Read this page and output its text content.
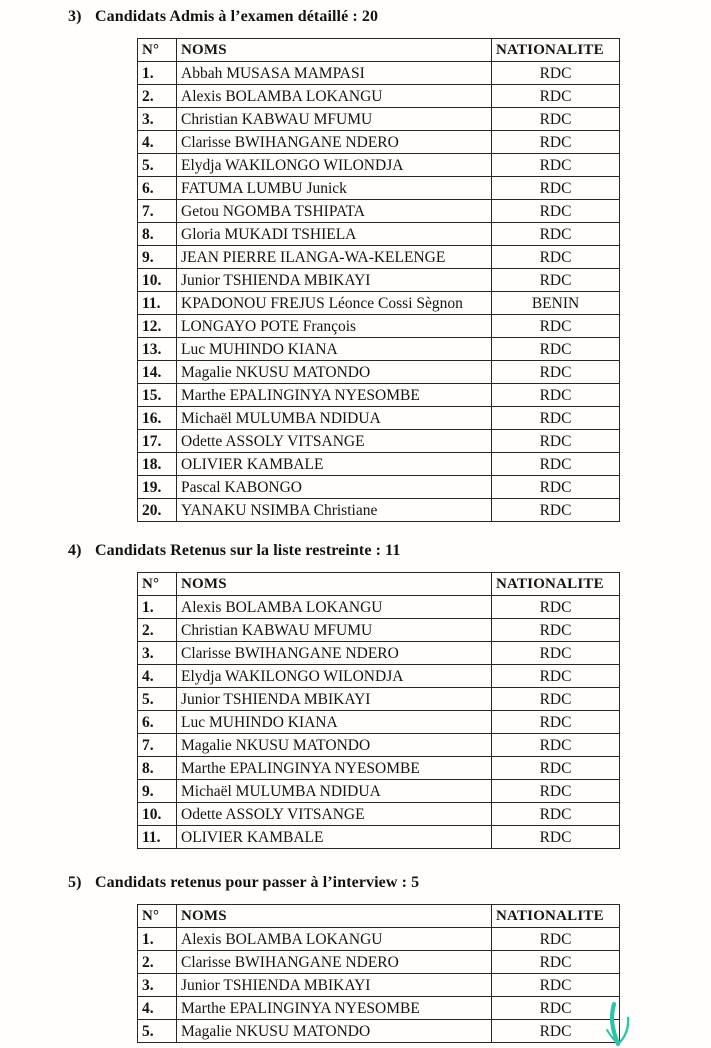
3) Candidats Admis à l’examen détaillé : 20
N°	NOMS	NATIONALITE
1.	Abbah MUSASA MAMPASI	RDC
2.	Alexis BOLAMBA LOKANGU	RDC
3.	Christian KABWAU MFUMU	RDC
4.	Clarisse BWIHANGANE NDERO	RDC
5.	Elydja WAKILONGO WILONDJA	RDC
6.	FATUMA LUMBU Junick	RDC
7.	Getou NGOMBA TSHIPATA	RDC
8.	Gloria MUKADI TSHIELA	RDC
9.	JEAN PIERRE ILANGA-WA-KELENGE	RDC
10.	Junior TSHIENDA MBIKAYI	RDC
11.	KPADONOU FREJUS Léonce Cossi Sègnon	BENIN
12.	LONGAYO POTE François	RDC
13.	Luc MUHINDO KIANA	RDC
14.	Magalie NKUSU MATONDO	RDC
15.	Marthe EPALINGINYA NYESOMBE	RDC
16.	Michaël MULUMBA NDIDUA	RDC
17.	Odette ASSOLY VITSANGE	RDC
18.	OLIVIER KAMBALE	RDC
19.	Pascal KABONGO	RDC
20.	YANAKU NSIMBA Christiane	RDC
4) Candidats Retenus sur la liste restreinte : 11
N°	NOMS	NATIONALITE
1.	Alexis BOLAMBA LOKANGU	RDC
2.	Christian KABWAU MFUMU	RDC
3.	Clarisse BWIHANGANE NDERO	RDC
4.	Elydja WAKILONGO WILONDJA	RDC
5.	Junior TSHIENDA MBIKAYI	RDC
6.	Luc MUHINDO KIANA	RDC
7.	Magalie NKUSU MATONDO	RDC
8.	Marthe EPALINGINYA NYESOMBE	RDC
9.	Michaël MULUMBA NDIDUA	RDC
10.	Odette ASSOLY VITSANGE	RDC
11.	OLIVIER KAMBALE	RDC
5) Candidats retenus pour passer à l’interview : 5
N°	NOMS	NATIONALITE
1.	Alexis BOLAMBA LOKANGU	RDC
2.	Clarisse BWIHANGANE NDERO	RDC
3.	Junior TSHIENDA MBIKAYI	RDC
4.	Marthe EPALINGINYA NYESOMBE	RDC
5.	Magalie NKUSU MATONDO	RDC
